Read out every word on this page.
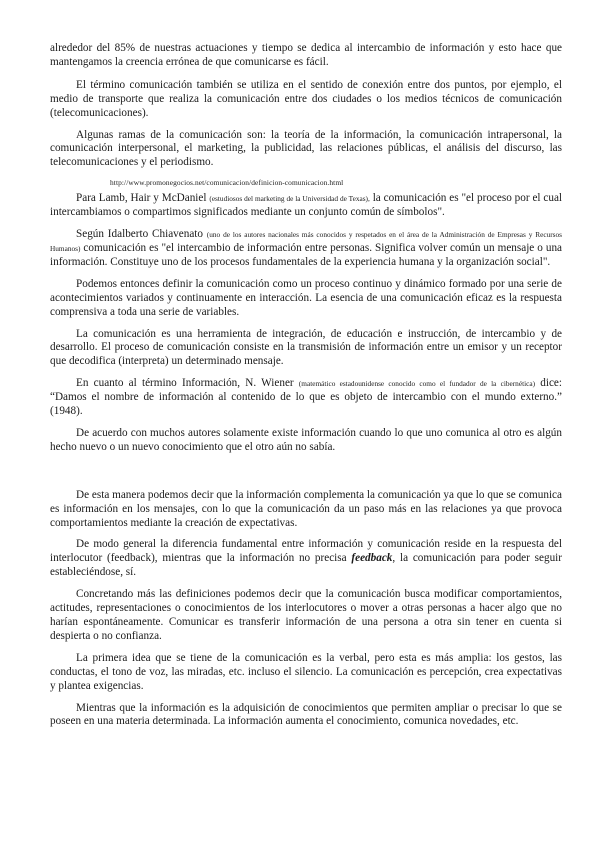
alrededor del 85% de nuestras actuaciones y tiempo se dedica al intercambio de información y esto hace que mantengamos la creencia errónea de que comunicarse es fácil.

El término comunicación también se utiliza en el sentido de conexión entre dos puntos, por ejemplo, el medio de transporte que realiza la comunicación entre dos ciudades o los medios técnicos de comunicación (telecomunicaciones).

Algunas ramas de la comunicación son: la teoría de la información, la comunicación intrapersonal, la comunicación interpersonal, el marketing, la publicidad, las relaciones públicas, el análisis del discurso, las telecomunicaciones y el periodismo.

http://www.promonegocios.net/comunicacion/definicion-comunicacion.html

Para Lamb, Hair y McDaniel (estudiosos del marketing de la Universidad de Texas), la comunicación es "el proceso por el cual intercambiamos o compartimos significados mediante un conjunto común de símbolos".

Según Idalberto Chiavenato (uno de los autores nacionales más conocidos y respetados en el área de la Administración de Empresas y Recursos Humanos) comunicación es "el intercambio de información entre personas. Significa volver común un mensaje o una información. Constituye uno de los procesos fundamentales de la experiencia humana y la organización social".

Podemos entonces definir la comunicación como un proceso continuo y dinámico formado por una serie de acontecimientos variados y continuamente en interacción. La esencia de una comunicación eficaz es la respuesta comprensiva a toda una serie de variables.

La comunicación es una herramienta de integración, de educación e instrucción, de intercambio y de desarrollo. El proceso de comunicación consiste en la transmisión de información entre un emisor y un receptor que decodifica (interpreta) un determinado mensaje.

En cuanto al término Información, N. Wiener (matemático estadounidense conocido como el fundador de la cibernética) dice: “Damos el nombre de información al contenido de lo que es objeto de intercambio con el mundo externo.” (1948).

De acuerdo con muchos autores solamente existe información cuando lo que uno comunica al otro es algún hecho nuevo o un nuevo conocimiento que el otro aún no sabía.

De esta manera podemos decir que la información complementa la comunicación ya que lo que se comunica es información en los mensajes, con lo que la comunicación da un paso más en las relaciones ya que provoca comportamientos mediante la creación de expectativas.

De modo general la diferencia fundamental entre información y comunicación reside en la respuesta del interlocutor (feedback), mientras que la información no precisa feedback, la comunicación para poder seguir estableciéndose, sí.

Concretando más las definiciones podemos decir que la comunicación busca modificar comportamientos, actitudes, representaciones o conocimientos de los interlocutores o mover a otras personas a hacer algo que no harían espontáneamente. Comunicar es transferir información de una persona a otra sin tener en cuenta si despierta o no confianza.

La primera idea que se tiene de la comunicación es la verbal, pero esta es más amplia: los gestos, las conductas, el tono de voz, las miradas, etc. incluso el silencio. La comunicación es percepción, crea expectativas y plantea exigencias.

Mientras que la información es la adquisición de conocimientos que permiten ampliar o precisar lo que se poseen en una materia determinada. La información aumenta el conocimiento, comunica novedades, etc.
